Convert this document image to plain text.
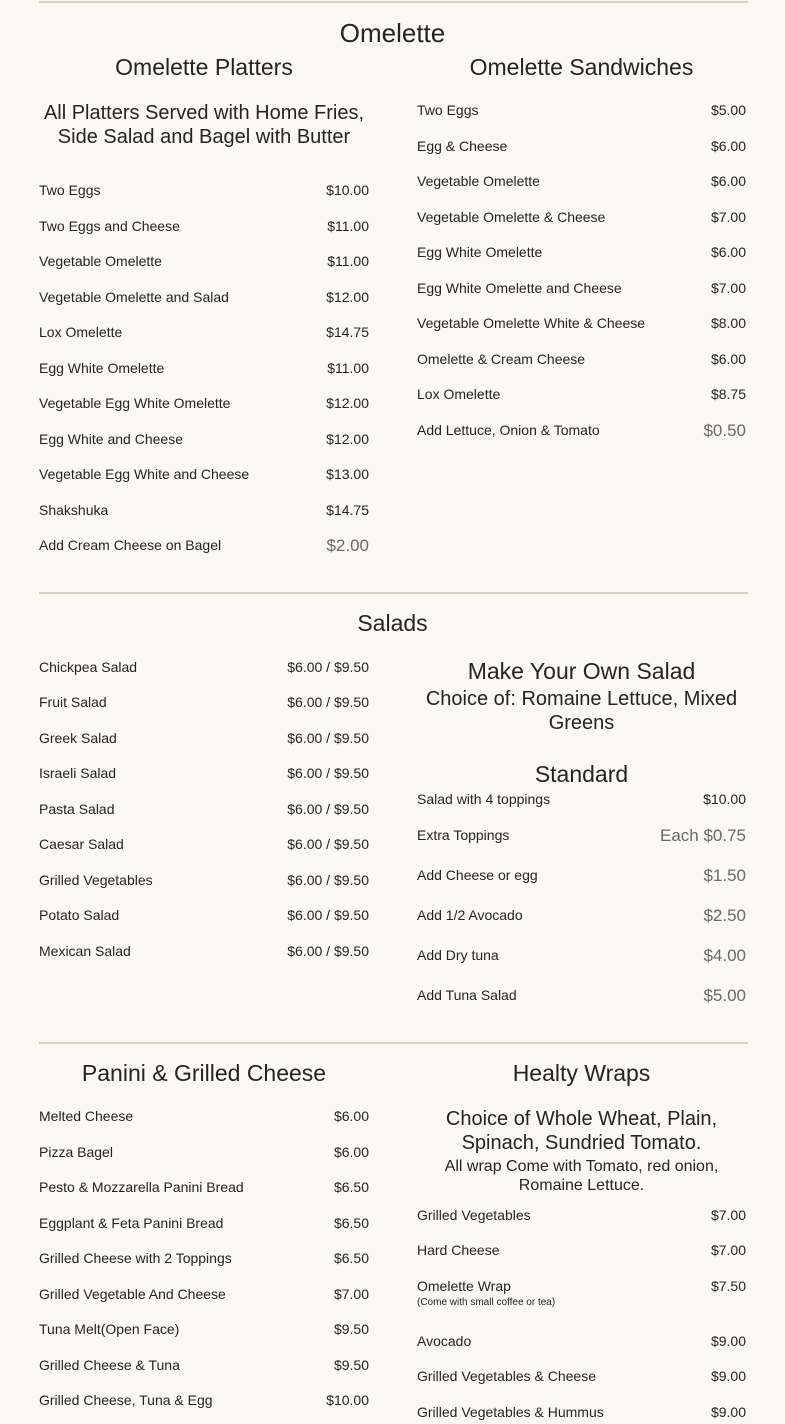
Omelette
Omelette Platters
All Platters Served with Home Fries, Side Salad and Bagel with Butter
Omelette Sandwiches
Two Eggs	$10.00
Two Eggs and Cheese	$11.00
Vegetable Omelette	$11.00
Vegetable Omelette and Salad	$12.00
Lox Omelette	$14.75
Egg White Omelette	$11.00
Vegetable Egg White Omelette	$12.00
Egg White and Cheese	$12.00
Vegetable Egg White and Cheese	$13.00
Shakshuka	$14.75
Add Cream Cheese on Bagel	$2.00
Two Eggs	$5.00
Egg & Cheese	$6.00
Vegetable Omelette	$6.00
Vegetable Omelette & Cheese	$7.00
Egg White Omelette	$6.00
Egg White Omelette and Cheese	$7.00
Vegetable Omelette White & Cheese	$8.00
Omelette & Cream Cheese	$6.00
Lox Omelette	$8.75
Add Lettuce, Onion & Tomato	$0.50
Salads
Chickpea Salad	$6.00 / $9.50
Fruit Salad	$6.00 / $9.50
Greek Salad	$6.00 / $9.50
Israeli Salad	$6.00 / $9.50
Pasta Salad	$6.00 / $9.50
Caesar Salad	$6.00 / $9.50
Grilled Vegetables	$6.00 / $9.50
Potato Salad	$6.00 / $9.50
Mexican Salad	$6.00 / $9.50
Make Your Own Salad
Choice of: Romaine Lettuce, Mixed Greens
Standard
Salad with 4 toppings	$10.00
Extra Toppings	Each $0.75
Add Cheese or egg	$1.50
Add 1/2 Avocado	$2.50
Add Dry tuna	$4.00
Add Tuna Salad	$5.00
Panini & Grilled Cheese	Healty Wraps
Melted Cheese	$6.00
Pizza Bagel	$6.00
Pesto & Mozzarella Panini Bread	$6.50
Eggplant & Feta Panini Bread	$6.50
Grilled Cheese with 2 Toppings	$6.50
Grilled Vegetable And Cheese	$7.00
Tuna Melt(Open Face)	$9.50
Grilled Cheese & Tuna	$9.50
Grilled Cheese, Tuna & Egg	$10.00
Choice of Whole Wheat, Plain, Spinach, Sundried Tomato.
All wrap Come with Tomato, red onion, Romaine Lettuce.
Grilled Vegetables	$7.00
Hard Cheese	$7.00
Omelette Wrap	$7.50
(Come with small coffee or tea)
Avocado	$9.00
Grilled Vegetables & Cheese	$9.00
Grilled Vegetables & Hummus	$9.00
